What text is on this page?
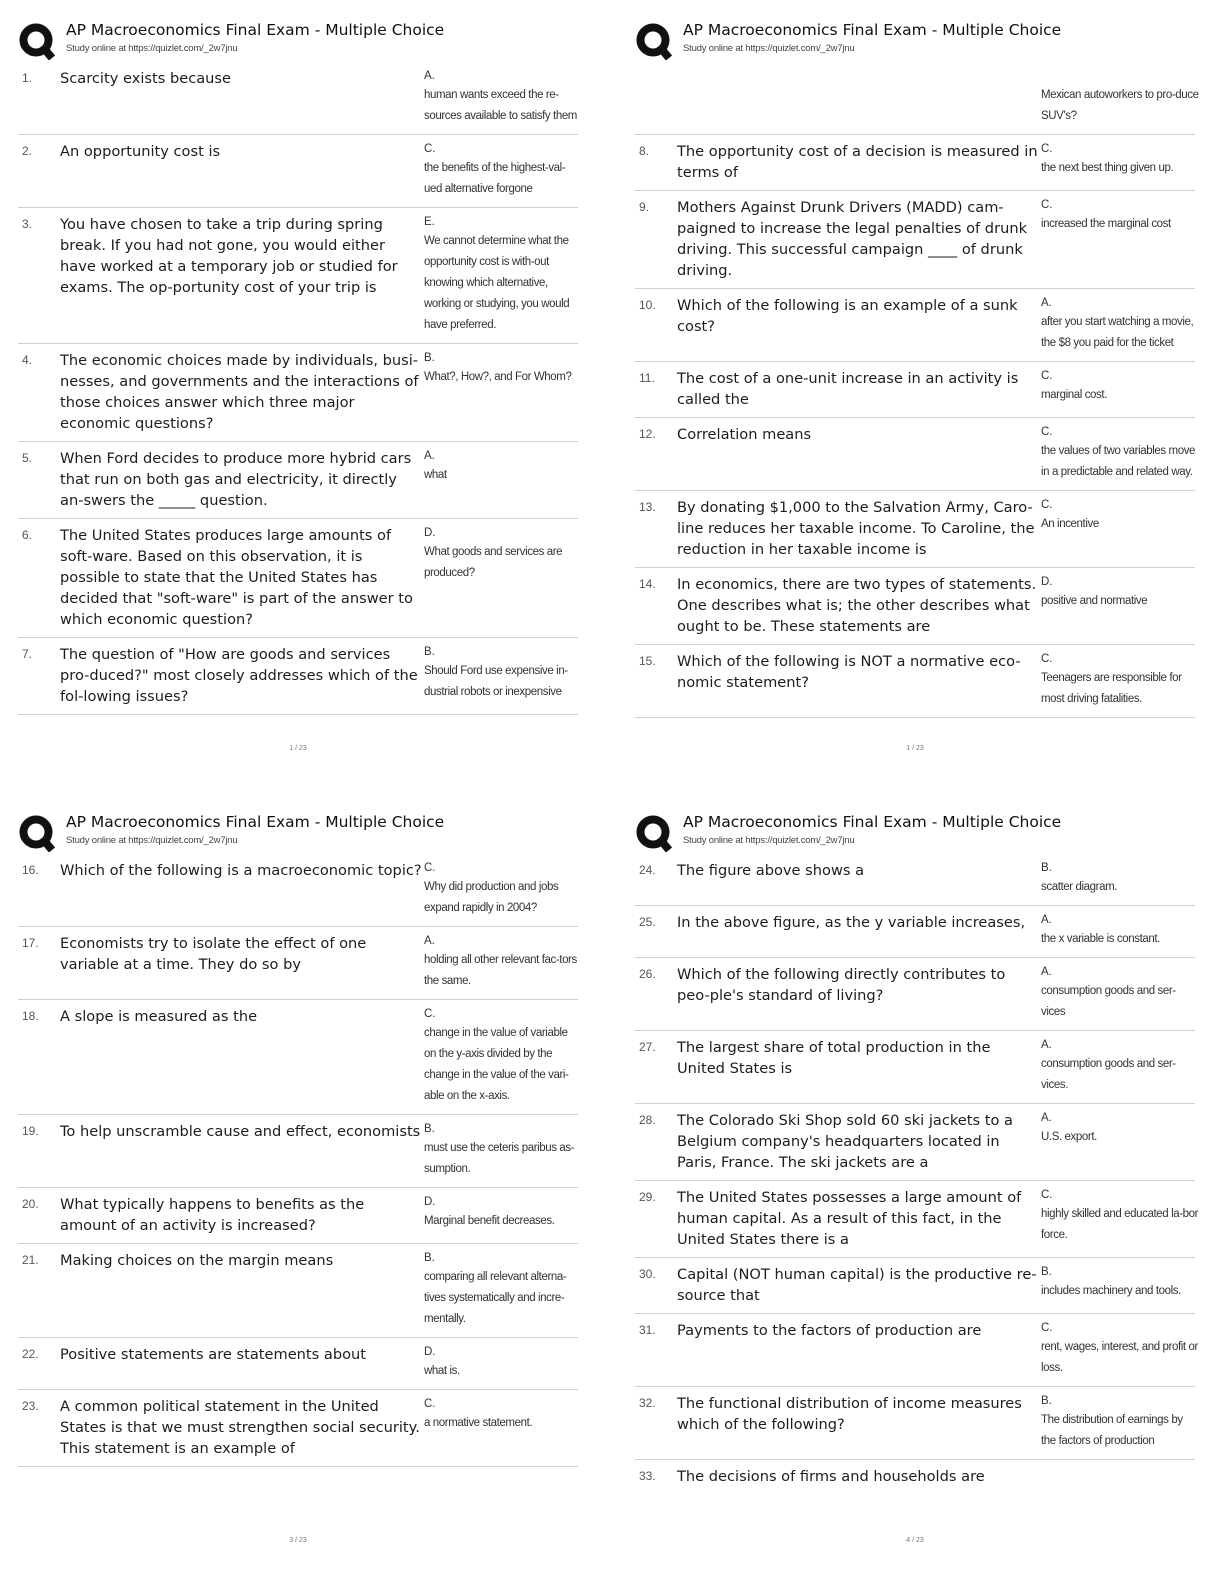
AP Macroeconomics Final Exam - Multiple Choice
Study online at https://quizlet.com/_2w7jnu
1.	Scarcity exists because	A.
human wants exceed the re-sources available to satisfy them
2.	An opportunity cost is	C.
the benefits of the highest-val-ued alternative forgone
3.	You have chosen to take a trip during spring break. If you had not gone, you would either have worked at a temporary job or studied for exams. The op-portunity cost of your trip is
E.
We cannot determine what the opportunity cost is with-out knowing which alternative, working or studying, you would have preferred.
4.	The economic choices made by individuals, busi-nesses, and governments and the interactions of those choices answer which three major economic questions?
B.
What?, How?, and For Whom?
5.	When Ford decides to produce more hybrid cars that run on both gas and electricity, it directly an-swers the _____ question.
A.
what
6.	The United States produces large amounts of soft-ware. Based on this observation, it is possible to state that the United States has decided that "soft-ware" is part of the answer to which economic question?
D.
What goods and services are produced?
7.	The question of "How are goods and services pro-duced?" most closely addresses which of the fol-lowing issues?
B.
Should Ford use expensive in-dustrial robots or inexpensive
1 / 23
AP Macroeconomics Final Exam - Multiple Choice
Study online at https://quizlet.com/_2w7jnu
Mexican autoworkers to pro-duce SUV's?
8.	The opportunity cost of a decision is measured in terms of
C.
the next best thing given up.
9.	Mothers Against Drunk Drivers (MADD) cam-paigned to increase the legal penalties of drunk driving. This successful campaign ____ of drunk driving.
C.
increased the marginal cost
10.	Which of the following is an example of a sunk cost?
A.
after you start watching a movie, the $8 you paid for the ticket
11.	The cost of a one-unit increase in an activity is called the
C.
marginal cost.
12.	Correlation means	C.
the values of two variables move in a predictable and related way.
13.	By donating $1,000 to the Salvation Army, Caro-line reduces her taxable income. To Caroline, the reduction in her taxable income is
C.
An incentive
14.	In economics, there are two types of statements. One describes what is; the other describes what ought to be. These statements are
D.
positive and normative
15.	Which of the following is NOT a normative eco-nomic statement?
C.
Teenagers are responsible for most driving fatalities.
1 / 23
AP Macroeconomics Final Exam - Multiple Choice
Study online at https://quizlet.com/_2w7jnu
16.	Which of the following is a macroeconomic topic? C.
Why did production and jobs expand rapidly in 2004?
17.	Economists try to isolate the effect of one variable at a time. They do so by
A.
holding all other relevant fac-tors the same.
18.	A slope is measured as the	C.
change in the value of variable on the y-axis divided by the change in the value of the vari-able on the x-axis.
19.	To help unscramble cause and effect, economists B.
must use the ceteris paribus as-sumption.
20.	What typically happens to benefits as the amount of an activity is increased?
D.
Marginal benefit decreases.
21.	Making choices on the margin means	B.
comparing all relevant alterna-tives systematically and incre-mentally.
22.	Positive statements are statements about	D.
what is.
23.	A common political statement in the United States is that we must strengthen social security. This statement is an example of
C.
a normative statement.
3 / 23
AP Macroeconomics Final Exam - Multiple Choice
Study online at https://quizlet.com/_2w7jnu
24.	The figure above shows a	B.
scatter diagram.
25.	In the above figure, as the y variable increases,	A.
the x variable is constant.
26.	Which of the following directly contributes to peo-ple's standard of living?
A.
consumption goods and ser-vices
27.	The largest share of total production in the United States is
A.
consumption goods and ser-vices.
28.	The Colorado Ski Shop sold 60 ski jackets to a Belgium company's headquarters located in Paris, France. The ski jackets are a
A.
U.S. export.
29.	The United States possesses a large amount of human capital. As a result of this fact, in the United States there is a
C.
highly skilled and educated la-bor force.
30.	Capital (NOT human capital) is the productive re-source that
B.
includes machinery and tools.
31.	Payments to the factors of production are	C.
rent, wages, interest, and profit or loss.
32.	The functional distribution of income measures which of the following?
B.
The distribution of earnings by the factors of production
33.	The decisions of firms and households are
4 / 23
